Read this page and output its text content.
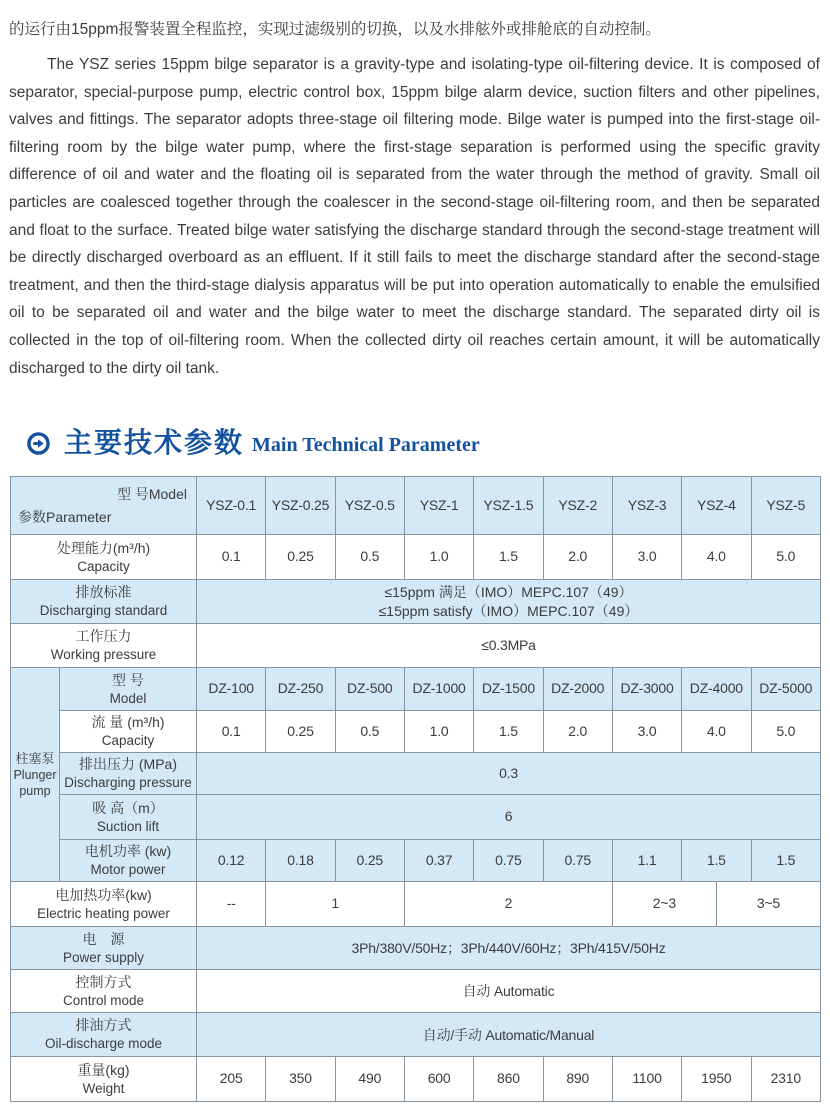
的运行由15ppm报警装置全程监控，实现过滤级别的切换，以及水排舷外或排舱底的自动控制。

The YSZ series 15ppm bilge separator is a gravity-type and isolating-type oil-filtering device. It is composed of separator, special-purpose pump, electric control box, 15ppm bilge alarm device, suction filters and other pipelines, valves and fittings. The separator adopts three-stage oil filtering mode. Bilge water is pumped into the first-stage oil-filtering room by the bilge water pump, where the first-stage separation is performed using the specific gravity difference of oil and water and the floating oil is separated from the water through the method of gravity. Small oil particles are coalesced together through the coalescer in the second-stage oil-filtering room, and then be separated and float to the surface. Treated bilge water satisfying the discharge standard through the second-stage treatment will be directly discharged overboard as an effluent. If it still fails to meet the discharge standard after the second-stage treatment, and then the third-stage dialysis apparatus will be put into operation automatically to enable the emulsified oil to be separated oil and water and the bilge water to meet the discharge standard. The separated dirty oil is collected in the top of oil-filtering room. When the collected dirty oil reaches certain amount, it will be automatically discharged to the dirty oil tank.

主要技术参数 Main Technical Parameter
型 号Model
参数Parameter		YSZ-0.1	YSZ-0.25	YSZ-0.5	YSZ-1	YSZ-1.5	YSZ-2	YSZ-3	YSZ-4		YSZ-5

处理能力(m³/h)
Capacity		0.1	0.25	0.5	1.0	1.5	2.0	3.0	4.0		5.0

排放标准
Discharging standard		≤15ppm 满足（IMO）MEPC.107（49）
≤15ppm satisfy（IMO）MEPC.107（49）									

工作压力
Working pressure		≤0.3MPa									

柱塞泵
Plunger pump	型 号
Model	DZ-100	DZ-250	DZ-500	DZ-1000	DZ-1500	DZ-2000	DZ-3000	DZ-4000		DZ-5000

	流 量 (m³/h)
Capacity	0.1	0.25	0.5	1.0	1.5	2.0	3.0	4.0		5.0

	排出压力 (MPa)
Discharging pressure	0.3									

	吸 高（m）
Suction lift	6									

	电机功率 (kw)
Motor power	0.12	0.18	0.25	0.37	0.75	0.75	1.1	1.5		1.5

电加热功率(kw)
Electric heating power		--	1		2			2~3		3~5	

电　源
Power supply		3Ph/380V/50Hz；3Ph/440V/60Hz；3Ph/415V/50Hz									

控制方式
Control mode		自动 Automatic									

排油方式
Oil-discharge mode		自动/手动 Automatic/Manual									

重量(kg)
Weight		205	350	490	600	860	890	1100	1950		2310
